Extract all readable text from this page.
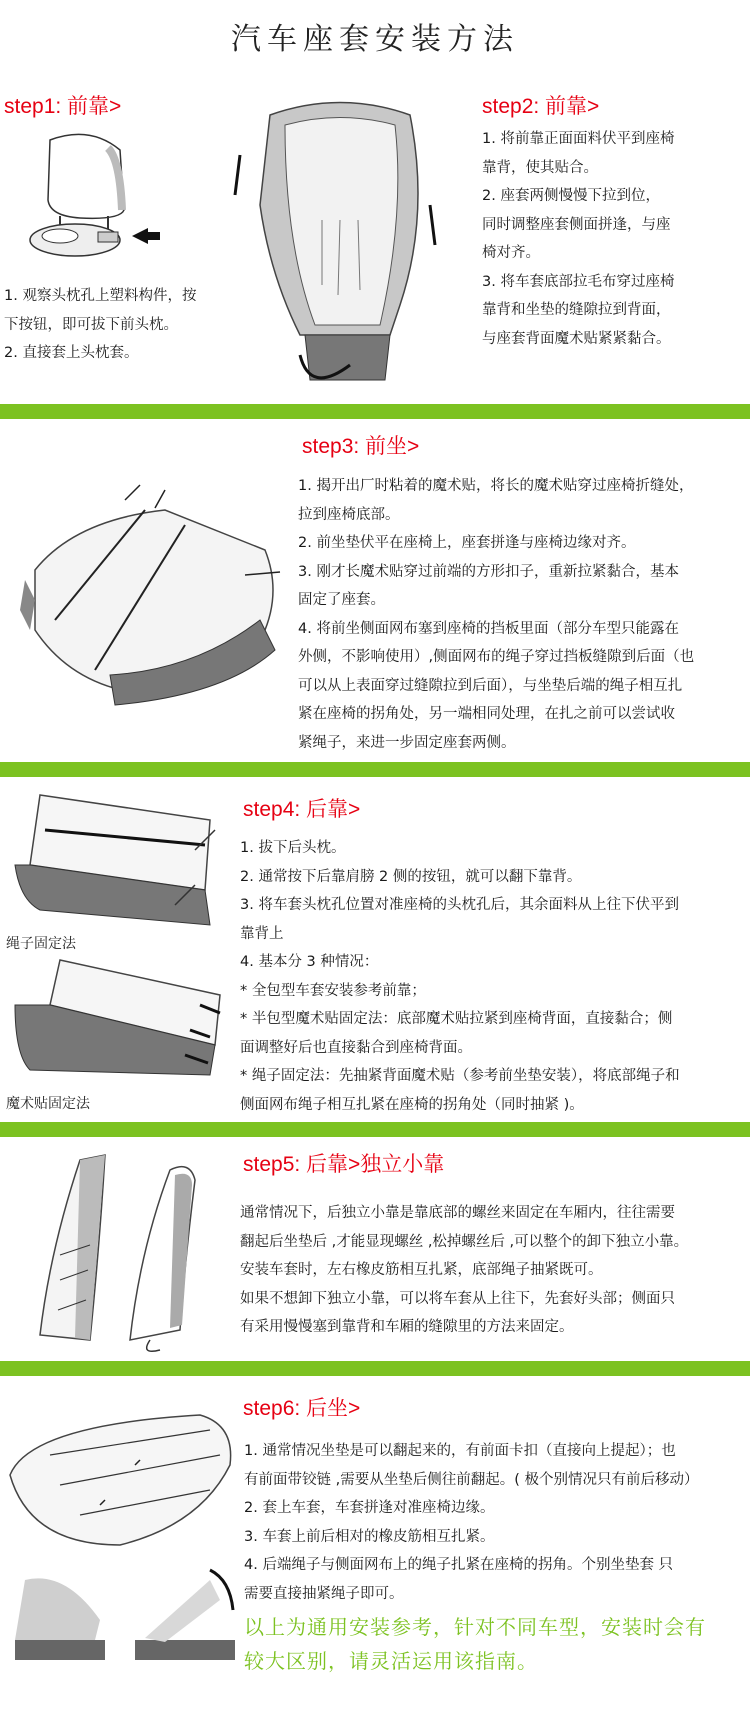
汽车座套安装方法
step1: 前靠>

1. 观察头枕孔上塑料构件，按

下按钮，即可拔下前头枕。

2. 直接套上头枕套。

step2: 前靠>

1. 将前靠正面面料伏平到座椅

靠背，使其贴合。

2. 座套两侧慢慢下拉到位，

同时调整座套侧面拼逢，与座

椅对齐。

3. 将车套底部拉毛布穿过座椅

靠背和坐垫的缝隙拉到背面，

与座套背面魔术贴紧紧黏合。

step3: 前坐>

1. 揭开出厂时粘着的魔术贴，将长的魔术贴穿过座椅折缝处，

拉到座椅底部。

2. 前坐垫伏平在座椅上，座套拼逢与座椅边缘对齐。

3. 刚才长魔术贴穿过前端的方形扣子，重新拉紧黏合，基本

固定了座套。

4. 将前坐侧面网布塞到座椅的挡板里面（部分车型只能露在

外侧，不影响使用）,侧面网布的绳子穿过挡板缝隙到后面（也

可以从上表面穿过缝隙拉到后面），与坐垫后端的绳子相互扎

紧在座椅的拐角处，另一端相同处理，在扎之前可以尝试收

紧绳子，来进一步固定座套两侧。

step4: 后靠>
绳子固定法
魔术贴固定法

1. 拔下后头枕。

2. 通常按下后靠肩膀 2 侧的按钮，就可以翻下靠背。

3. 将车套头枕孔位置对准座椅的头枕孔后，其余面料从上往下伏平到

靠背上

4. 基本分 3 种情况：

* 全包型车套安装参考前靠；

* 半包型魔术贴固定法：底部魔术贴拉紧到座椅背面，直接黏合；侧

面调整好后也直接黏合到座椅背面。

* 绳子固定法：先抽紧背面魔术贴（参考前坐垫安装），将底部绳子和

侧面网布绳子相互扎紧在座椅的拐角处（同时抽紧 )。

step5: 后靠>独立小靠

通常情况下，后独立小靠是靠底部的螺丝来固定在车厢内，往往需要

翻起后坐垫后 ,才能显现螺丝 ,松掉螺丝后 ,可以整个的卸下独立小靠。

安装车套时，左右橡皮筋相互扎紧，底部绳子抽紧既可。

如果不想卸下独立小靠，可以将车套从上往下，先套好头部；侧面只

有采用慢慢塞到靠背和车厢的缝隙里的方法来固定。

step6: 后坐>

1. 通常情况坐垫是可以翻起来的，有前面卡扣（直接向上提起）；也

有前面带铰链 ,需要从坐垫后侧往前翻起。( 极个别情况只有前后移动）

2. 套上车套，车套拼逢对准座椅边缘。

3. 车套上前后相对的橡皮筋相互扎紧。

4. 后端绳子与侧面网布上的绳子扎紧在座椅的拐角。个别坐垫套 只

需要直接抽紧绳子即可。

以上为通用安装参考，针对不同车型，安装时会有
较大区别，请灵活运用该指南。
